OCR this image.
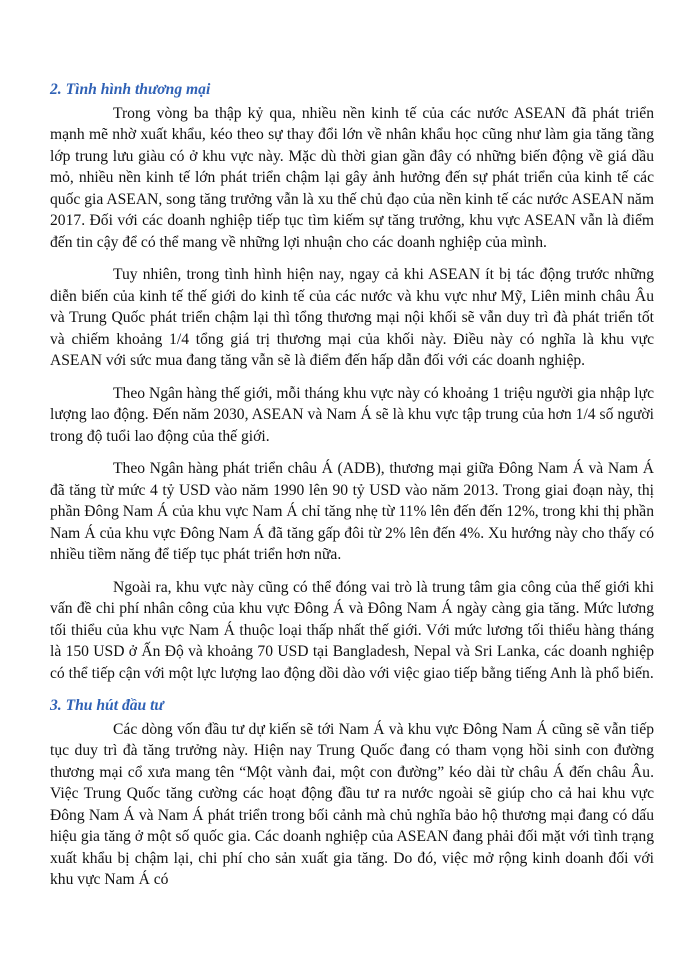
2. Tình hình thương mại

Trong vòng ba thập kỷ qua, nhiều nền kinh tế của các nước ASEAN đã phát triển mạnh mẽ nhờ xuất khẩu, kéo theo sự thay đổi lớn về nhân khẩu học cũng như làm gia tăng tầng lớp trung lưu giàu có ở khu vực này. Mặc dù thời gian gần đây có những biến động về giá dầu mỏ, nhiều nền kinh tế lớn phát triển chậm lại gây ảnh hưởng đến sự phát triển của kinh tế các quốc gia ASEAN, song tăng trưởng vẫn là xu thế chủ đạo của nền kinh tế các nước ASEAN năm 2017. Đối với các doanh nghiệp tiếp tục tìm kiếm sự tăng trưởng, khu vực ASEAN vẫn là điểm đến tin cậy để có thể mang về những lợi nhuận cho các doanh nghiệp của mình.

Tuy nhiên, trong tình hình hiện nay, ngay cả khi ASEAN ít bị tác động trước những diễn biến của kinh tế thế giới do kinh tế của các nước và khu vực như Mỹ, Liên minh châu Âu và Trung Quốc phát triển chậm lại thì tổng thương mại nội khối sẽ vẫn duy trì đà phát triển tốt và chiếm khoảng 1/4 tổng giá trị thương mại của khối này. Điều này có nghĩa là khu vực ASEAN với sức mua đang tăng vẫn sẽ là điểm đến hấp dẫn đối với các doanh nghiệp.

Theo Ngân hàng thế giới, mỗi tháng khu vực này có khoảng 1 triệu người gia nhập lực lượng lao động. Đến năm 2030, ASEAN và Nam Á sẽ là khu vực tập trung của hơn 1/4 số người trong độ tuổi lao động của thế giới.

Theo Ngân hàng phát triển châu Á (ADB), thương mại giữa Đông Nam Á và Nam Á đã tăng từ mức 4 tỷ USD vào năm 1990 lên 90 tỷ USD vào năm 2013. Trong giai đoạn này, thị phần Đông Nam Á của khu vực Nam Á chỉ tăng nhẹ từ 11% lên đến đến 12%, trong khi thị phần Nam Á của khu vực Đông Nam Á đã tăng gấp đôi từ 2% lên đến 4%. Xu hướng này cho thấy có nhiều tiềm năng để tiếp tục phát triển hơn nữa.

Ngoài ra, khu vực này cũng có thể đóng vai trò là trung tâm gia công của thế giới khi vấn đề chi phí nhân công của khu vực Đông Á và Đông Nam Á ngày càng gia tăng. Mức lương tối thiểu của khu vực Nam Á thuộc loại thấp nhất thế giới. Với mức lương tối thiểu hàng tháng là 150 USD ở Ấn Độ và khoảng 70 USD tại Bangladesh, Nepal và Sri Lanka, các doanh nghiệp có thể tiếp cận với một lực lượng lao động dồi dào với việc giao tiếp bằng tiếng Anh là phổ biến.

3. Thu hút đầu tư

Các dòng vốn đầu tư dự kiến sẽ tới Nam Á và khu vực Đông Nam Á cũng sẽ vẫn tiếp tục duy trì đà tăng trưởng này. Hiện nay Trung Quốc đang có tham vọng hồi sinh con đường thương mại cổ xưa mang tên “Một vành đai, một con đường” kéo dài từ châu Á đến châu Âu. Việc Trung Quốc tăng cường các hoạt động đầu tư ra nước ngoài sẽ giúp cho cả hai khu vực Đông Nam Á và Nam Á phát triển trong bối cảnh mà chủ nghĩa bảo hộ thương mại đang có dấu hiệu gia tăng ở một số quốc gia. Các doanh nghiệp của ASEAN đang phải đối mặt với tình trạng xuất khẩu bị chậm lại, chi phí cho sản xuất gia tăng. Do đó, việc mở rộng kinh doanh đối với khu vực Nam Á có
